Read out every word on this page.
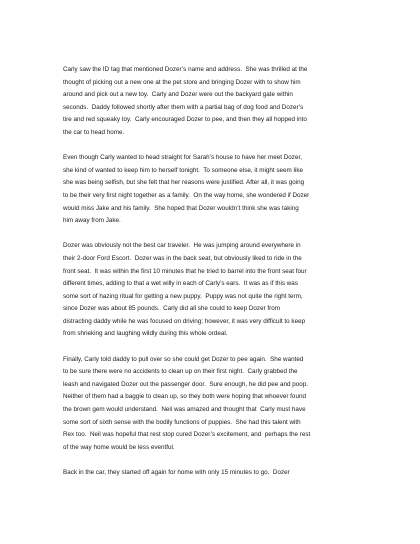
Carly saw the ID tag that mentioned Dozer’s name and address.  She was thrilled at the
thought of picking out a new one at the pet store and bringing Dozer with to show him
around and pick out a new toy.  Carly and Dozer were out the backyard gate within
seconds.  Daddy followed shortly after them with a partial bag of dog food and Dozer’s
tire and red squeaky toy.  Carly encouraged Dozer to pee, and then they all hopped into
the car to head home.

Even though Carly wanted to head straight for Sarah’s house to have her meet Dozer,
she kind of wanted to keep him to herself tonight.  To someone else, it might seem like
she was being selfish, but she felt that her reasons were justified. After all, it was going
to be their very first night together as a family.  On the way home, she wondered if Dozer
would miss Jake and his family.  She hoped that Dozer wouldn’t think she was taking
him away from Jake.

Dozer was obviously not the best car traveler.  He was jumping around everywhere in
their 2-door Ford Escort.  Dozer was in the back seat, but obviously liked to ride in the
front seat.  It was within the first 10 minutes that he tried to barrel into the front seat four
different times, adding to that a wet willy in each of Carly’s ears.  It was as if this was
some sort of hazing ritual for getting a new puppy.  Puppy was not quite the right term,
since Dozer was about 85 pounds.  Carly did all she could to keep Dozer from
distracting daddy while he was focused on driving; however, it was very difficult to keep
from shrieking and laughing wildly during this whole ordeal.

Finally, Carly told daddy to pull over so she could get Dozer to pee again.  She wanted
to be sure there were no accidents to clean up on their first night.  Carly grabbed the
leash and navigated Dozer out the passenger door.  Sure enough, he did pee and poop.
Neither of them had a baggie to clean up, so they both were hoping that whoever found
the brown gem would understand.  Neil was amazed and thought that  Carly must have
some sort of sixth sense with the bodily functions of puppies.  She had this talent with
Rex too.  Neil was hopeful that rest stop cured Dozer’s excitement, and  perhaps the rest
of the way home would be less eventful.

Back in the car, they started off again for home with only 15 minutes to go.  Dozer
